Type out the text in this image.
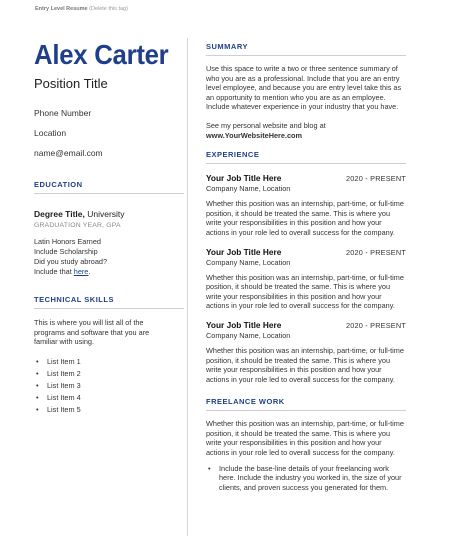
Entry Level Resume (Delete this tag)
Alex Carter
Position Title
Phone Number
Location
name@email.com
EDUCATION
Degree Title, University
GRADUATION YEAR, GPA
Latin Honors Earned
Include Scholarship
Did you study abroad?
Include that here.
TECHNICAL SKILLS
This is where you will list all of the programs and software that you are familiar with using.
• List Item 1
• List Item 2
• List Item 3
• List Item 4
• List Item 5
SUMMARY
Use this space to write a two or three sentence summary of who you are as a professional. Include that you are an entry level employee, and because you are entry level take this as an opportunity to mention who you are as an employee. Include whatever experience in your industry that you have.
See my personal website and blog at
www.YourWebsiteHere.com
EXPERIENCE
Your Job Title Here	2020 - PRESENT
Company Name, Location
Whether this position was an internship, part-time, or full-time position, it should be treated the same. This is where you write your responsibilities in this position and how your actions in your role led to overall success for the company.
Your Job Title Here	2020 - PRESENT
Company Name, Location
Whether this position was an internship, part-time, or full-time position, it should be treated the same. This is where you write your responsibilities in this position and how your actions in your role led to overall success for the company.
Your Job Title Here	2020 - PRESENT
Company Name, Location
Whether this position was an internship, part-time, or full-time position, it should be treated the same. This is where you write your responsibilities in this position and how your actions in your role led to overall success for the company.
FREELANCE WORK
Whether this position was an internship, part-time, or full-time position, it should be treated the same. This is where you write your responsibilities in this position and how your actions in your role led to overall success for the company.
• Include the base-line details of your freelancing work here. Include the industry you worked in, the size of your clients, and proven success you generated for them.
